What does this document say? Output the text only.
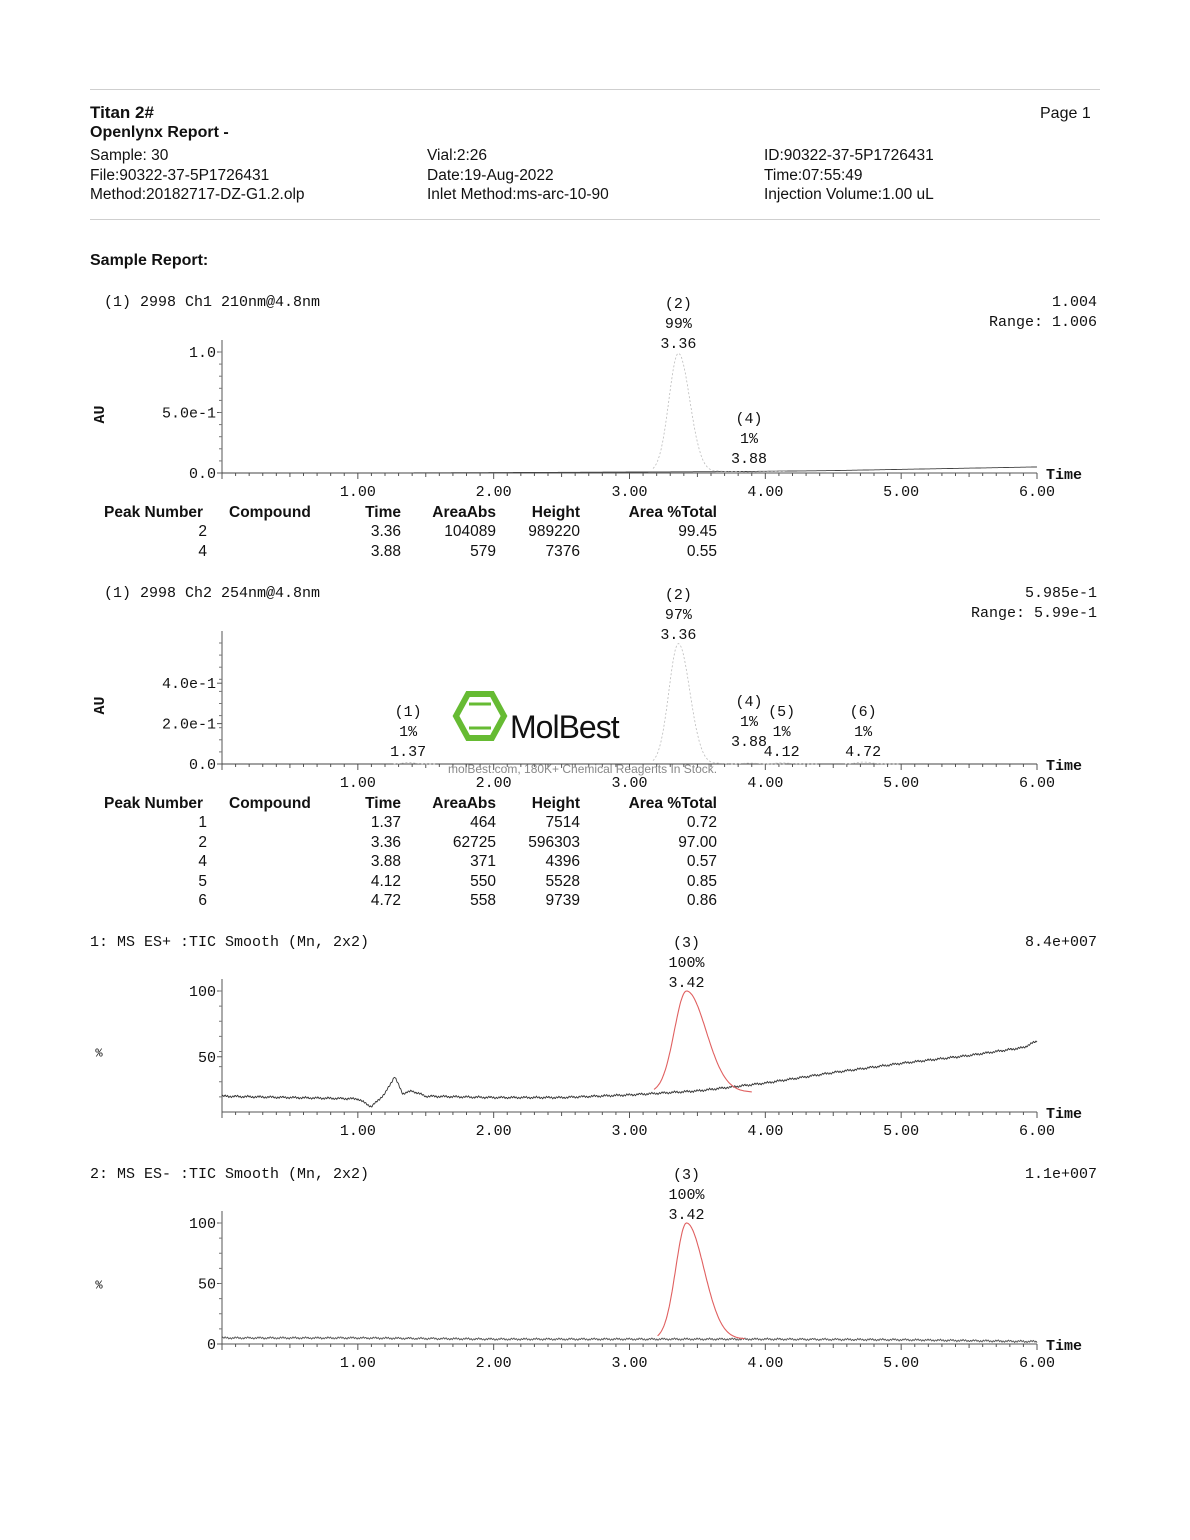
Titan 2#
Openlynx Report -
Page 1
Sample: 30
File:90322-37-5P1726431
Method:20182717-DZ-G1.2.olp
Vial:2:26
Date:19-Aug-2022
Inlet Method:ms-arc-10-90
ID:90322-37-5P1726431
Time:07:55:49
Injection Volume:1.00 uL
Sample Report:
(1) 2998 Ch1 210nm@4.8nm	1.004
Range: 1.006
AU
Time
1.00	2.00	3.00	4.00	5.00	6.00
0.0
5.0e-1
1.0
(2)
99%
3.36
(4)
1%
3.88
Peak Number	Compound	Time	AreaAbs	Height	Area %Total
2		3.36	104089	989220	99.45
4		3.88	579	7376	0.55
(1) 2998 Ch2 254nm@4.8nm	5.985e-1
Range: 5.99e-1
AU
Time
1.00	2.00	3.00	4.00	5.00	6.00
0.0
2.0e-1
4.0e-1
(1)
1%
1.37
(2)
97%
3.36
(4)
1%
3.88
(5)
1%
4.12
(6)
1%
4.72
MolBest
molBest.com, 180K+ Chemical Reagents In Stock.
Peak Number	Compound	Time	AreaAbs	Height	Area %Total
1		1.37	464	7514	0.72
2		3.36	62725	596303	97.00
4		3.88	371	4396	0.57
5		4.12	550	5528	0.85
6		4.72	558	9739	0.86
1: MS ES+ :TIC Smooth (Mn, 2x2)	8.4e+007
%
Time
1.00	2.00	3.00	4.00	5.00	6.00
50
100
(3)
100%
3.42
2: MS ES- :TIC Smooth (Mn, 2x2)	1.1e+007
%
Time
1.00	2.00	3.00	4.00	5.00	6.00
0
50
100
(3)
100%
3.42
